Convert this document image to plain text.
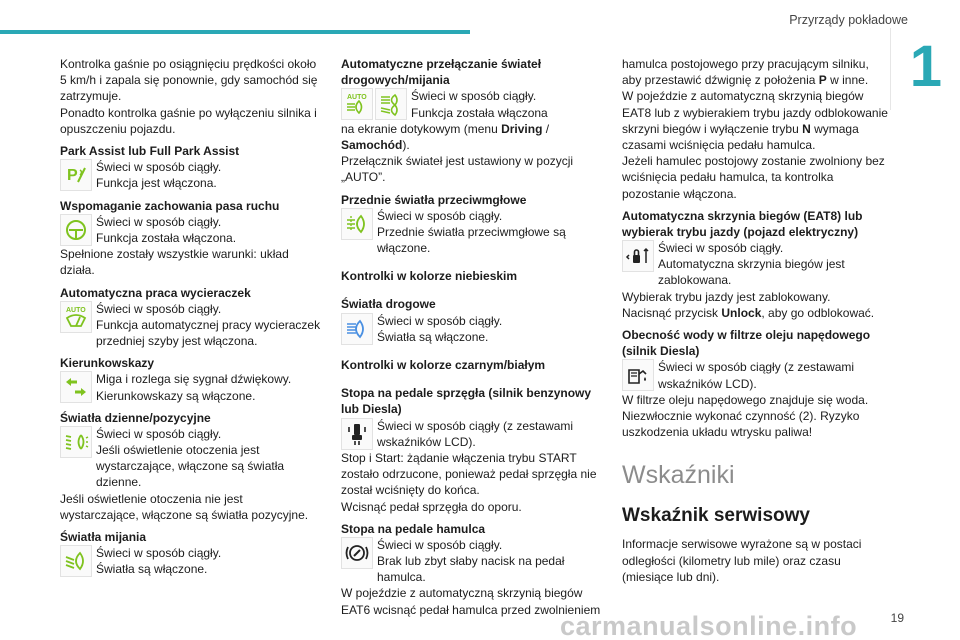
Przyrządy pokładowe
1

Kontrolka gaśnie po osiągnięciu prędkości około 5 km/h i zapala się ponownie, gdy samochód się zatrzymuje.

Ponadto kontrolka gaśnie po wyłączeniu silnika i opuszczeniu pojazdu.

Park Assist lub Full Park Assist

P Świeci w sposób ciągły.

Funkcja jest włączona.

Wspomaganie zachowania pasa ruchu

Świeci w sposób ciągły.

Funkcja została włączona.

Spełnione zostały wszystkie warunki: układ działa.

Automatyczna praca wycieraczek

AUTO Świeci w sposób ciągły.

Funkcja automatycznej pracy wycieraczek przedniej szyby jest włączona.

Kierunkowskazy

Miga i rozlega się sygnał dźwiękowy.

Kierunkowskazy są włączone.

Światła dzienne/pozycyjne

Świeci w sposób ciągły.

Jeśli oświetlenie otoczenia jest wystarczające, włączone są światła dzienne.

Jeśli oświetlenie otoczenia nie jest wystarczające, włączone są światła pozycyjne.

Światła mijania

Świeci w sposób ciągły.

Światła są włączone.

Automatyczne przełączanie świateł drogowych/mijania

AUTO	Świeci w sposób ciągły.

Funkcja została włączona

na ekranie dotykowym (menu Driving / Samochód).

Przełącznik świateł jest ustawiony w pozycji „AUTO”.

Przednie światła przeciwmgłowe

Świeci w sposób ciągły.

Przednie światła przeciwmgłowe są włączone.

Kontrolki w kolorze niebieskim

Światła drogowe

Świeci w sposób ciągły.

Światła są włączone.

Kontrolki w kolorze czarnym/białym

Stopa na pedale sprzęgła (silnik benzynowy lub Diesla)

Świeci w sposób ciągły (z zestawami wskaźników LCD).

Stop i Start: żądanie włączenia trybu START zostało odrzucone, ponieważ pedał sprzęgła nie został wciśnięty do końca.

Wcisnąć pedał sprzęgła do oporu.

Stopa na pedale hamulca

Świeci w sposób ciągły.

Brak lub zbyt słaby nacisk na pedał hamulca.

W pojeździe z automatyczną skrzynią biegów EAT6 wcisnąć pedał hamulca przed zwolnieniem

hamulca postojowego przy pracującym silniku, aby przestawić dźwignię z położenia P w inne.

W pojeździe z automatyczną skrzynią biegów EAT8 lub z wybierakiem trybu jazdy odblokowanie skrzyni biegów i wyłączenie trybu N wymaga czasami wciśnięcia pedału hamulca.

Jeżeli hamulec postojowy zostanie zwolniony bez wciśnięcia pedału hamulca, ta kontrolka pozostanie włączona.

Automatyczna skrzynia biegów (EAT8) lub wybierak trybu jazdy (pojazd elektryczny)

Świeci w sposób ciągły.

Automatyczna skrzynia biegów jest zablokowana.

Wybierak trybu jazdy jest zablokowany.

Nacisnąć przycisk Unlock, aby go odblokować.

Obecność wody w filtrze oleju napędowego (silnik Diesla)

Świeci w sposób ciągły (z zestawami wskaźników LCD).

W filtrze oleju napędowego znajduje się woda.

Niezwłocznie wykonać czynność (2). Ryzyko uszkodzenia układu wtrysku paliwa!

Wskaźniki

Wskaźnik serwisowy

Informacje serwisowe wyrażone są w postaci odległości (kilometry lub mile) oraz czasu (miesiące lub dni).

carmanualsonline.info	19
